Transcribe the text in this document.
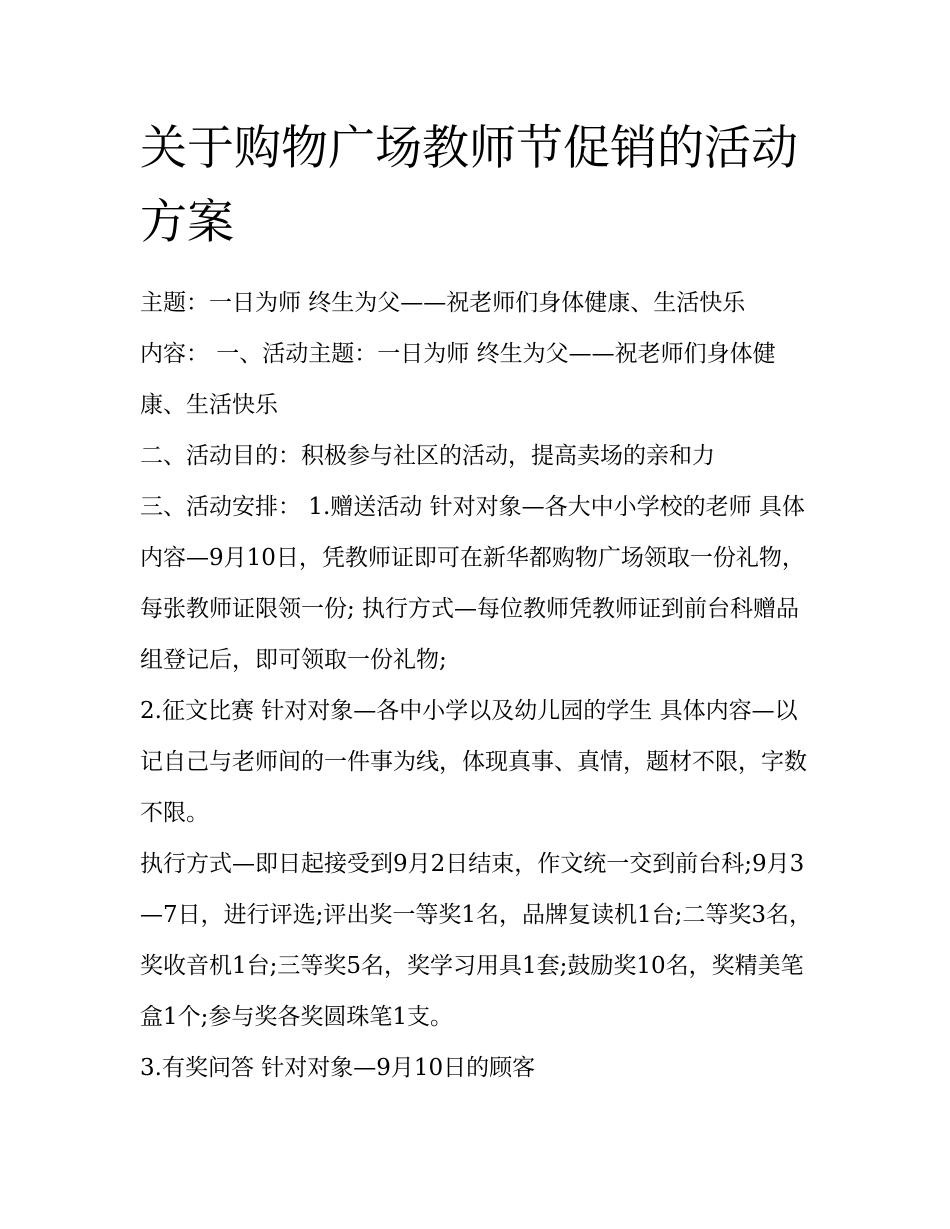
关于购物广场教师节促销的活动方案

主题：一日为师 终生为父——祝老师们身体健康、生活快乐

内容： 一、活动主题：一日为师 终生为父——祝老师们身体健康、生活快乐

二、活动目的：积极参与社区的活动，提高卖场的亲和力

三、活动安排： 1.赠送活动 针对对象—各大中小学校的老师 具体内容—9月10日，凭教师证即可在新华都购物广场领取一份礼物，每张教师证限领一份; 执行方式—每位教师凭教师证到前台科赠品组登记后，即可领取一份礼物;

2.征文比赛 针对对象—各中小学以及幼儿园的学生 具体内容—以记自己与老师间的一件事为线，体现真事、真情，题材不限，字数不限。

执行方式—即日起接受到9月2日结束，作文统一交到前台科;9月3—7日，进行评选;评出奖一等奖1名，品牌复读机1台;二等奖3名，奖收音机1台;三等奖5名，奖学习用具1套;鼓励奖10名，奖精美笔盒1个;参与奖各奖圆珠笔1支。

3.有奖问答 针对对象—9月10日的顾客
